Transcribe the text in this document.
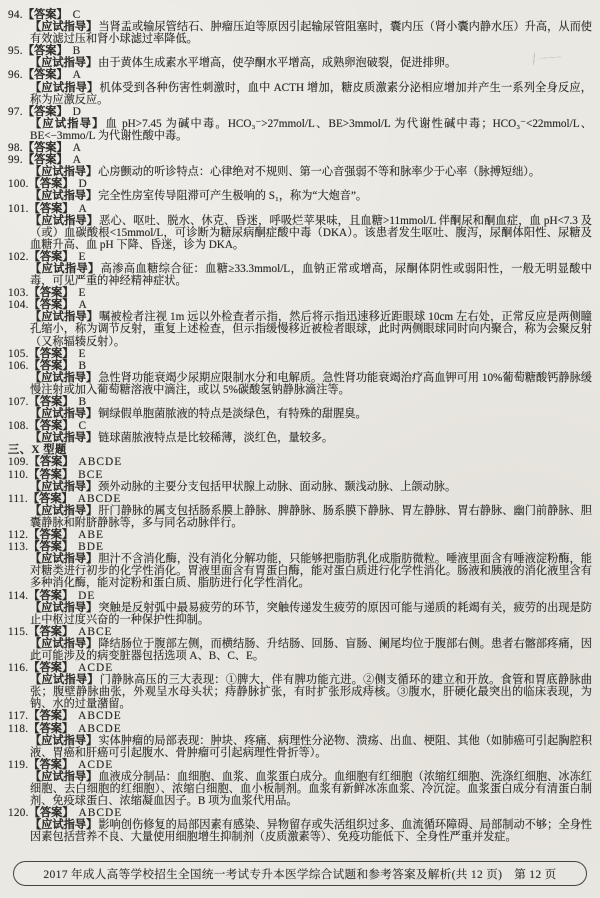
94.【答案】 C
【应试指导】当肾盂或输尿管结石、肿瘤压迫等原因引起输尿管阻塞时，囊内压（肾小囊内静水压）升高，从而使有效滤过压和肾小球滤过率降低。
95.【答案】 B
【应试指导】由于黄体生成素水平增高，使孕酮水平增高，成熟卵泡破裂，促进排卵。
96.【答案】 A
【应试指导】机体受到各种伤害性刺激时，血中 ACTH 增加，糖皮质激素分泌相应增加并产生一系列全身反应，称为应激反应。
97.【答案】 D
【应试指导】血 pH>7.45 为碱中毒。HCO₃⁻>27mmol/L、BE>3mmol/L 为代谢性碱中毒；HCO₃⁻<22mmol/L、BE<−3mmo/L 为代谢性酸中毒。
98.【答案】 A
99.【答案】 A
【应试指导】心房颤动的听诊特点：心律绝对不规则、第一心音强弱不等和脉率少于心率（脉搏短绌）。
100.【答案】 D
【应试指导】完全性房室传导阻滞可产生极响的 S₁，称为“大炮音”。
101.【答案】 A
【应试指导】恶心、呕吐、脱水、休克、昏迷，呼吸烂苹果味，且血糖>11mmol/L 伴酮尿和酮血症，血 pH<7.3 及（或）血碳酸根<15mmol/L，可诊断为糖尿病酮症酸中毒（DKA）。该患者发生呕吐、腹泻，尿酮体阳性、尿糖及血糖升高、血 pH 下降、昏迷，诊为 DKA。
102.【答案】 E
【应试指导】高渗高血糖综合征：血糖≥33.3mmol/L，血钠正常或增高，尿酮体阴性或弱阳性，一般无明显酸中毒，可见严重的神经精神症状。
103.【答案】 E
104.【答案】 A
【应试指导】嘱被检者注视 1m 远以外检查者示指，然后将示指迅速移近距眼球 10cm 左右处，正常反应是两侧瞳孔缩小，称为调节反射，重复上述检查，但示指缓慢移近被检者眼球，此时两侧眼球同时向内聚合，称为会聚反射（又称辐辏反射）。
105.【答案】 E
106.【答案】 B
【应试指导】急性肾功能衰竭少尿期应限制水分和电解质。急性肾功能衰竭治疗高血钾可用 10%葡萄糖酸钙静脉缓慢注射或加入葡萄糖溶液中滴注，或以 5%碳酸氢钠静脉滴注等。
107.【答案】 B
【应试指导】铜绿假单胞菌脓液的特点是淡绿色，有特殊的甜腥臭。
108.【答案】 C
【应试指导】链球菌脓液特点是比较稀薄，淡红色，量较多。
三、X 型题
109.【答案】 ABCDE
110.【答案】 BCE
【应试指导】颈外动脉的主要分支包括甲状腺上动脉、面动脉、颞浅动脉、上颌动脉。
111.【答案】 ABCDE
【应试指导】肝门静脉的属支包括肠系膜上静脉、脾静脉、肠系膜下静脉、胃左静脉、胃右静脉、幽门前静脉、胆囊静脉和附脐静脉等，多与同名动脉伴行。
112.【答案】 ABE
113.【答案】 BDE
【应试指导】胆汁不含消化酶，没有消化分解功能，只能够把脂肪乳化成脂肪微粒。唾液里面含有唾液淀粉酶，能对糖类进行初步的化学性消化。胃液里面含有胃蛋白酶，能对蛋白质进行化学性消化。肠液和胰液的消化液里含有多种消化酶，能对淀粉和蛋白质、脂肪进行化学性消化。
114.【答案】 DE
【应试指导】突触是反射弧中最易疲劳的环节，突触传递发生疲劳的原因可能与递质的耗竭有关，疲劳的出现是防止中枢过度兴奋的一种保护性抑制。
115.【答案】 ABCE
【应试指导】降结肠位于腹部左侧，而横结肠、升结肠、回肠、盲肠、阑尾均位于腹部右侧。患者右髂部疼痛，因此可能涉及的病变脏器包括选项 A、B、C、E。
116.【答案】 ACDE
【应试指导】门静脉高压的三大表现：①脾大，伴有脾功能亢进。②侧支循环的建立和开放。食管和胃底静脉曲张；腹壁静脉曲张，外观呈水母头状；痔静脉扩张，有时扩张形成痔核。③腹水，肝硬化最突出的临床表现，为钠、水的过量潴留。
117.【答案】 ABCDE
118.【答案】 ABCDE
【应试指导】实体肿瘤的局部表现：肿块、疼痛、病理性分泌物、溃疡、出血、梗阻、其他（如肺癌可引起胸腔积液、胃癌和肝癌可引起腹水、骨肿瘤可引起病理性骨折等）。
119.【答案】 ACDE
【应试指导】血液成分制品：血细胞、血浆、血浆蛋白成分。血细胞有红细胞（浓缩红细胞、洗涤红细胞、冰冻红细胞、去白细胞的红细胞）、浓缩白细胞、血小板制剂。血浆有新鲜冰冻血浆、冷沉淀。血浆蛋白成分有清蛋白制剂、免疫球蛋白、浓缩凝血因子。B 项为血浆代用品。
120.【答案】 ABCDE
【应试指导】影响创伤修复的局部因素有感染、异物留存或失活组织过多、血流循环障碍、局部制动不够；全身性因素包括营养不良、大量使用细胞增生抑制剂（皮质激素等）、免疫功能低下、全身性严重并发症。
2017 年成人高等学校招生全国统一考试专升本医学综合试题和参考答案及解析(共 12 页)　第 12 页
